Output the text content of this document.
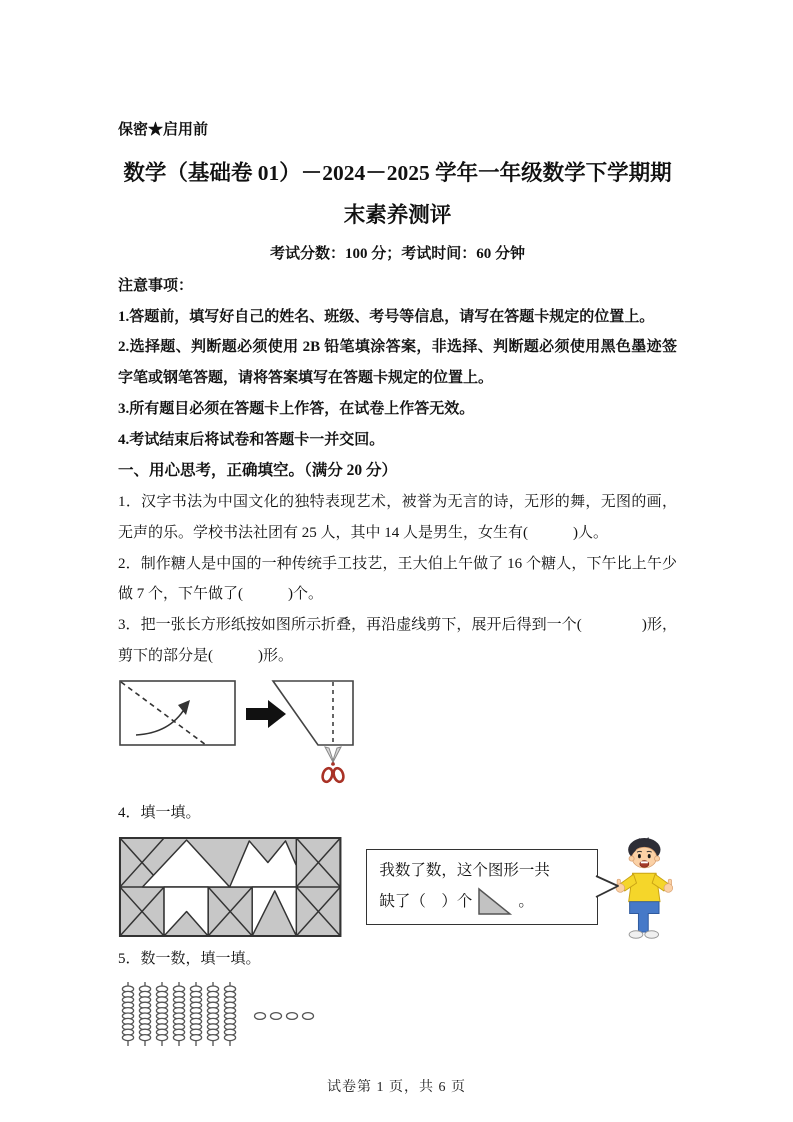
保密★启用前
数学（基础卷 01）－2024－2025 学年一年级数学下学期期
末素养测评
考试分数：100 分；考试时间：60 分钟
注意事项：
1.答题前，填写好自己的姓名、班级、考号等信息，请写在答题卡规定的位置上。
2.选择题、判断题必须使用 2B 铅笔填涂答案，非选择、判断题必须使用黑色墨迹签字笔或钢笔答题，请将答案填写在答题卡规定的位置上。
3.所有题目必须在答题卡上作答，在试卷上作答无效。
4.考试结束后将试卷和答题卡一并交回。
一、用心思考，正确填空。（满分 20 分）

1．汉字书法为中国文化的独特表现艺术，被誉为无言的诗，无形的舞，无图的画，无声的乐。学校书法社团有 25 人，其中 14 人是男生，女生有(　　　)人。

2．制作糖人是中国的一种传统手工技艺，王大伯上午做了 16 个糖人，下午比上午少做 7 个，下午做了(　　　)个。

3．把一张长方形纸按如图所示折叠，再沿虚线剪下，展开后得到一个(　　　　)形，剪下的部分是(　　　)形。

4．填一填。

我数了数，这个图形一共
缺了（　）个	。

5．数一数，填一填。

试卷第 1 页，共 6 页
